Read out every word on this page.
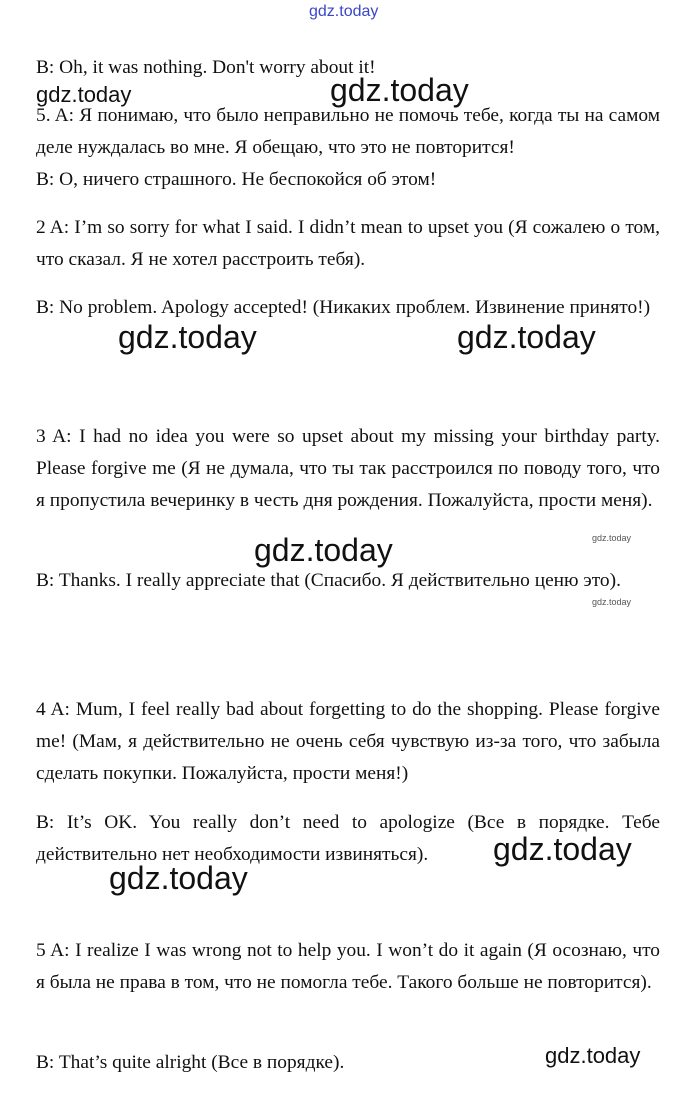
gdz.today

B: Oh, it was nothing. Don't worry about it!

5. A: Я понимаю, что было неправильно не помочь тебе, когда ты на самом деле нуждалась во мне. Я обещаю, что это не повторится!

B: О, ничего страшного. Не беспокойся об этом!

2 A: I’m so sorry for what I said. I didn’t mean to upset you (Я сожалею о том, что сказал. Я не хотел расстроить тебя).

B: No problem. Apology accepted! (Никаких проблем. Извинение принято!)

3 A: I had no idea you were so upset about my missing your birthday party. Please forgive me (Я не думала, что ты так расстроился по поводу того, что я пропустила вечеринку в честь дня рождения. Пожалуйста, прости меня).

B: Thanks. I really appreciate that (Спасибо. Я действительно ценю это).

4 A: Mum, I feel really bad about forgetting to do the shopping. Please forgive me! (Мам, я действительно не очень себя чувствую из-за того, что забыла сделать покупки. Пожалуйста, прости меня!)

B: It’s OK. You really don’t need to apologize (Все в порядке. Тебе действительно нет необходимости извиняться).

5 A: I realize I was wrong not to help you. I won’t do it again (Я осознаю, что я была не права в том, что не помогла тебе. Такого больше не повторится).

B: That’s quite alright (Все в порядке).

gdz.today	gdz.today
gdz.today	gdz.today
gdz.today	gdz.today
gdz.today
gdz.today
gdz.today
gdz.today
